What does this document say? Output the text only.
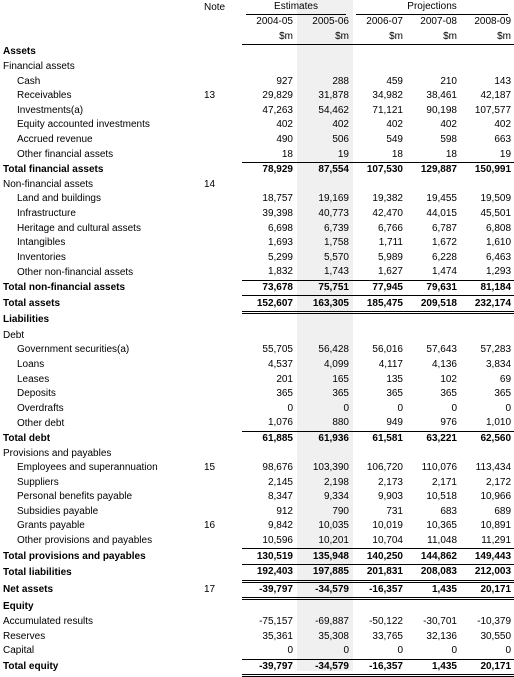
	Note	Estimates		Projections		

		2004-05	2005-06	2006-07	2007-08	2008-09
		$m	$m	$m	$m	$m
Assets						
Financial assets						
Cash		927	288	459	210	143
Receivables	13	29,829	31,878	34,982	38,461	42,187
Investments(a)		47,263	54,462	71,121	90,198	107,577
Equity accounted investments		402	402	402	402	402
Accrued revenue		490	506	549	598	663
Other financial assets		18	19	18	18	19
Total financial assets		78,929	87,554	107,530	129,887	150,991
Non-financial assets	14					
Land and buildings		18,757	19,169	19,382	19,455	19,509
Infrastructure		39,398	40,773	42,470	44,015	45,501
Heritage and cultural assets		6,698	6,739	6,766	6,787	6,808
Intangibles		1,693	1,758	1,711	1,672	1,610
Inventories		5,299	5,570	5,989	6,228	6,463
Other non-financial assets		1,832	1,743	1,627	1,474	1,293
Total non-financial assets		73,678	75,751	77,945	79,631	81,184
Total assets		152,607	163,305	185,475	209,518	232,174
Liabilities						
Debt						
Government securities(a)		55,705	56,428	56,016	57,643	57,283
Loans		4,537	4,099	4,117	4,136	3,834
Leases		201	165	135	102	69
Deposits		365	365	365	365	365
Overdrafts		0	0	0	0	0
Other debt		1,076	880	949	976	1,010
Total debt		61,885	61,936	61,581	63,221	62,560
Provisions and payables						
Employees and superannuation	15	98,676	103,390	106,720	110,076	113,434
Suppliers		2,145	2,198	2,173	2,171	2,172
Personal benefits payable		8,347	9,334	9,903	10,518	10,966
Subsidies payable		912	790	731	683	689
Grants payable	16	9,842	10,035	10,019	10,365	10,891
Other provisions and payables		10,596	10,201	10,704	11,048	11,291
Total provisions and payables		130,519	135,948	140,250	144,862	149,443
Total liabilities		192,403	197,885	201,831	208,083	212,003
Net assets	17	-39,797	-34,579	-16,357	1,435	20,171
Equity						
Accumulated results		-75,157	-69,887	-50,122	-30,701	-10,379
Reserves		35,361	35,308	33,765	32,136	30,550
Capital		0	0	0	0	0
Total equity		-39,797	-34,579	-16,357	1,435	20,171
